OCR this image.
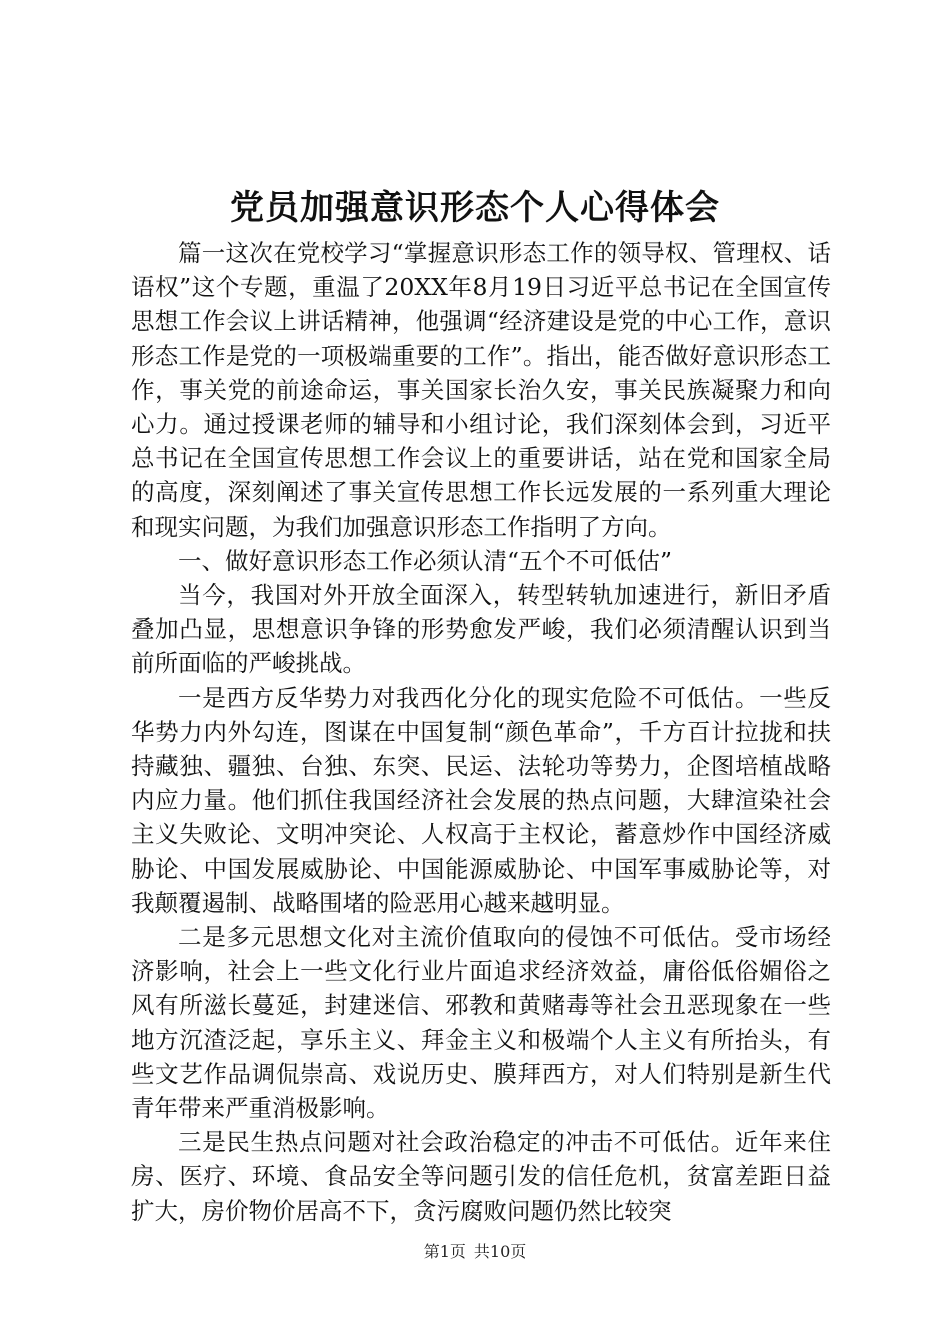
党员加强意识形态个人心得体会

篇一这次在党校学习“掌握意识形态工作的领导权、管理权、话语权”这个专题，重温了20XX年8月19日习近平总书记在全国宣传思想工作会议上讲话精神，他强调“经济建设是党的中心工作，意识形态工作是党的一项极端重要的工作”。指出，能否做好意识形态工作，事关党的前途命运，事关国家长治久安，事关民族凝聚力和向心力。通过授课老师的辅导和小组讨论，我们深刻体会到，习近平总书记在全国宣传思想工作会议上的重要讲话，站在党和国家全局的高度，深刻阐述了事关宣传思想工作长远发展的一系列重大理论和现实问题，为我们加强意识形态工作指明了方向。

一、做好意识形态工作必须认清“五个不可低估”

当今，我国对外开放全面深入，转型转轨加速进行，新旧矛盾叠加凸显，思想意识争锋的形势愈发严峻，我们必须清醒认识到当前所面临的严峻挑战。

一是西方反华势力对我西化分化的现实危险不可低估。一些反华势力内外勾连，图谋在中国复制“颜色革命”，千方百计拉拢和扶持藏独、疆独、台独、东突、民运、法轮功等势力，企图培植战略内应力量。他们抓住我国经济社会发展的热点问题，大肆渲染社会主义失败论、文明冲突论、人权高于主权论，蓄意炒作中国经济威胁论、中国发展威胁论、中国能源威胁论、中国军事威胁论等，对我颠覆遏制、战略围堵的险恶用心越来越明显。

二是多元思想文化对主流价值取向的侵蚀不可低估。受市场经济影响，社会上一些文化行业片面追求经济效益，庸俗低俗媚俗之风有所滋长蔓延，封建迷信、邪教和黄赌毒等社会丑恶现象在一些地方沉渣泛起，享乐主义、拜金主义和极端个人主义有所抬头，有些文艺作品调侃崇高、戏说历史、膜拜西方，对人们特别是新生代青年带来严重消极影响。

三是民生热点问题对社会政治稳定的冲击不可低估。近年来住房、医疗、环境、食品安全等问题引发的信任危机，贫富差距日益扩大，房价物价居高不下，贪污腐败问题仍然比较突

第1页 共10页
